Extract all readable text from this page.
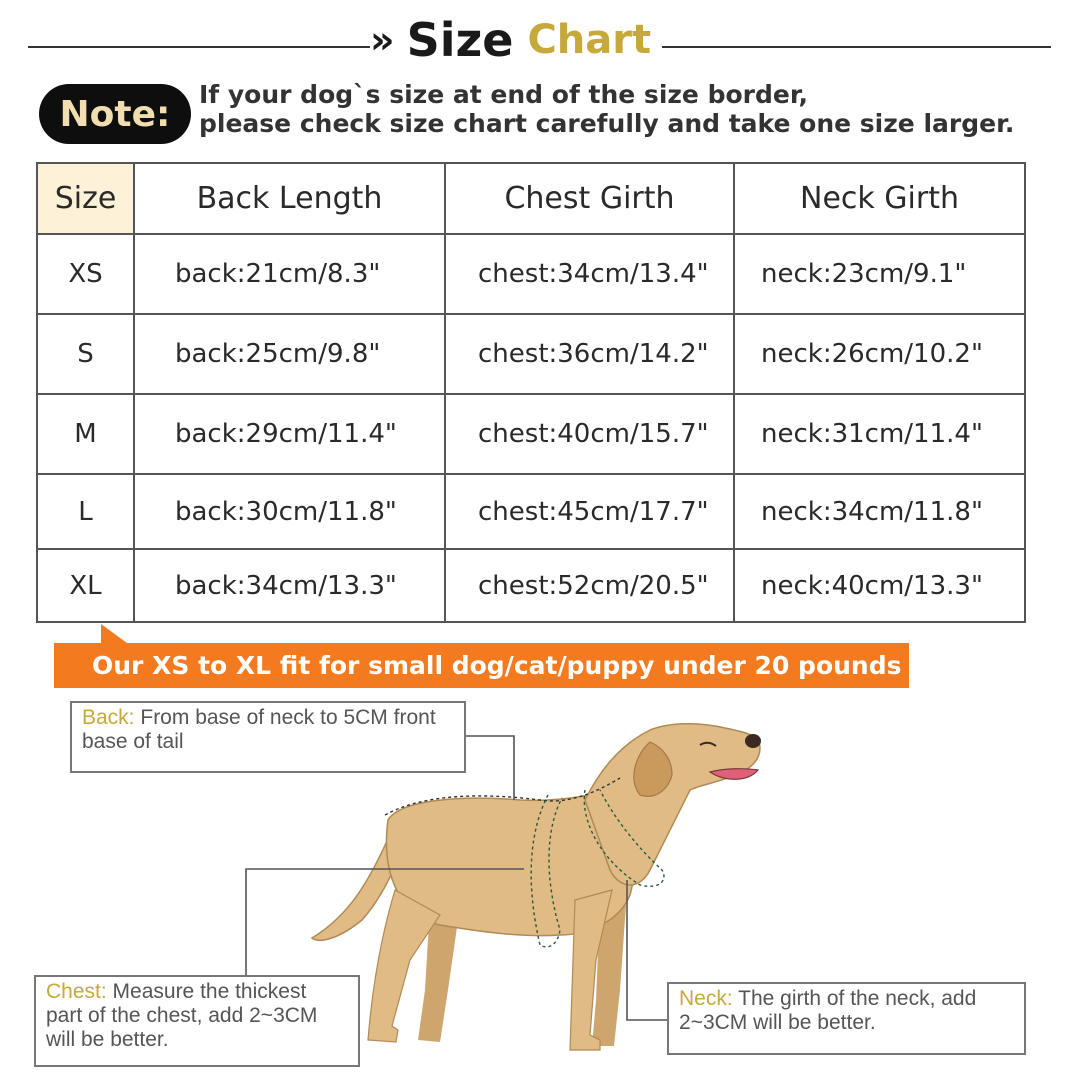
» Size Chart
Note:	If your dog`s size at end of the size border,
please check size chart carefully and take one size larger.
Size	Back Length	Chest Girth	Neck Girth
XS	back:21cm/8.3"	chest:34cm/13.4"	neck:23cm/9.1"
S	back:25cm/9.8"	chest:36cm/14.2"	neck:26cm/10.2"
M	back:29cm/11.4"	chest:40cm/15.7"	neck:31cm/11.4"
L	back:30cm/11.8"	chest:45cm/17.7"	neck:34cm/11.8"
XL	back:34cm/13.3"	chest:52cm/20.5"	neck:40cm/13.3"
Our XS to XL fit for small dog/cat/puppy under 20 pounds
Back: From base of neck to 5CM front base of tail
Chest: Measure the thickest part of the chest, add 2~3CM will be better.
Neck: The girth of the neck, add 2~3CM will be better.
